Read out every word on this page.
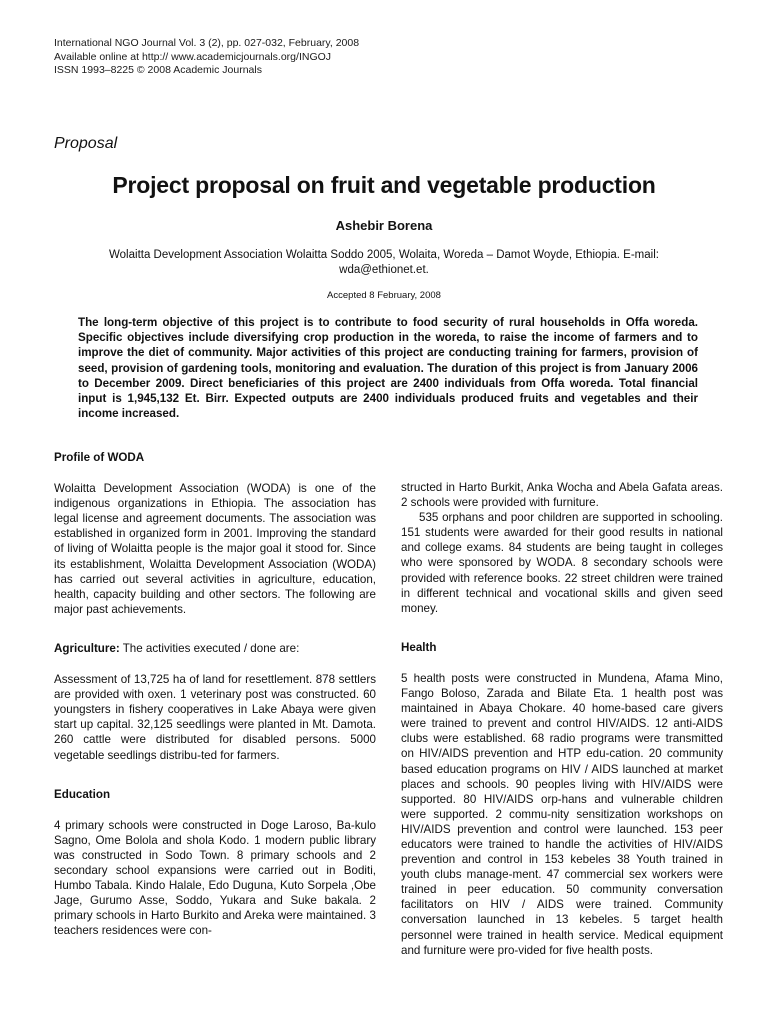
International NGO Journal Vol. 3 (2), pp. 027-032, February, 2008
Available online at http:// www.academicjournals.org/INGOJ
ISSN 1993–8225 © 2008 Academic Journals
Proposal
Project proposal on fruit and vegetable production
Ashebir Borena
Wolaitta Development Association Wolaitta Soddo 2005, Wolaita, Woreda – Damot Woyde, Ethiopia. E-mail: wda@ethionet.et.
Accepted 8 February, 2008
The long-term objective of this project is to contribute to food security of rural households in Offa woreda. Specific objectives include diversifying crop production in the woreda, to raise the income of farmers and to improve the diet of community. Major activities of this project are conducting training for farmers, provision of seed, provision of gardening tools, monitoring and evaluation. The duration of this project is from January 2006 to December 2009. Direct beneficiaries of this project are 2400 individuals from Offa woreda. Total financial input is 1,945,132 Et. Birr. Expected outputs are 2400 individuals produced fruits and vegetables and their income increased.

Profile of WODA

Wolaitta Development Association (WODA) is one of the indigenous organizations in Ethiopia. The association has legal license and agreement documents. The association was established in organized form in 2001. Improving the standard of living of Wolaitta people is the major goal it stood for. Since its establishment, Wolaitta Development Association (WODA) has carried out several activities in agriculture, education, health, capacity building and other sectors. The following are major past achievements.

Agriculture: The activities executed / done are:

Assessment of 13,725 ha of land for resettlement. 878 settlers are provided with oxen. 1 veterinary post was constructed. 60 youngsters in fishery cooperatives in Lake Abaya were given start up capital. 32,125 seedlings were planted in Mt. Damota. 260 cattle were distributed for disabled persons. 5000 vegetable seedlings distribu-ted for farmers.

Education

4 primary schools were constructed in Doge Laroso, Ba-kulo Sagno, Ome Bolola and shola Kodo. 1 modern public library was constructed in Sodo Town. 8 primary schools and 2 secondary school expansions were carried out in Boditi, Humbo Tabala. Kindo Halale, Edo Duguna, Kuto Sorpela ,Obe Jage, Gurumo Asse, Soddo, Yukara and Suke bakala. 2 primary schools in Harto Burkito and Areka were maintained. 3 teachers residences were con-

structed in Harto Burkit, Anka Wocha and Abela Gafata areas. 2 schools were provided with furniture.

535 orphans and poor children are supported in schooling. 151 students were awarded for their good results in national and college exams. 84 students are being taught in colleges who were sponsored by WODA. 8 secondary schools were provided with reference books. 22 street children were trained in different technical and vocational skills and given seed money.

Health

5 health posts were constructed in Mundena, Afama Mino, Fango Boloso, Zarada and Bilate Eta. 1 health post was maintained in Abaya Chokare. 40 home-based care givers were trained to prevent and control HIV/AIDS. 12 anti-AIDS clubs were established. 68 radio programs were transmitted on HIV/AIDS prevention and HTP edu-cation. 20 community based education programs on HIV / AIDS launched at market places and schools. 90 peoples living with HIV/AIDS were supported. 80 HIV/AIDS orp-hans and vulnerable children were supported. 2 commu-nity sensitization workshops on HIV/AIDS prevention and control were launched. 153 peer educators were trained to handle the activities of HIV/AIDS prevention and control in 153 kebeles 38 Youth trained in youth clubs manage-ment. 47 commercial sex workers were trained in peer education. 50 community conversation facilitators on HIV / AIDS were trained. Community conversation launched in 13 kebeles. 5 target health personnel were trained in health service. Medical equipment and furniture were pro-vided for five health posts.
